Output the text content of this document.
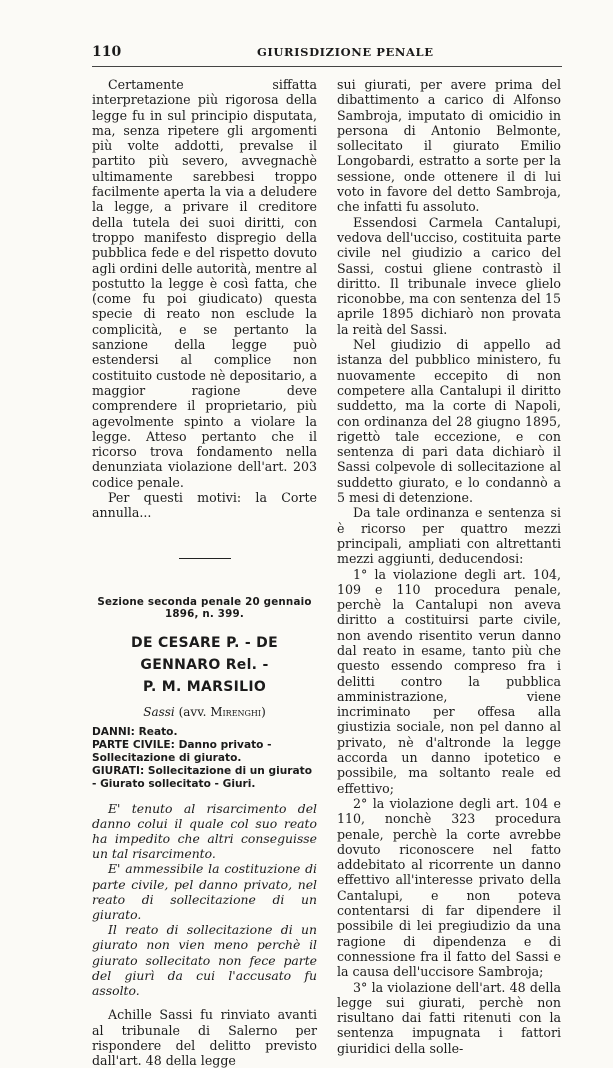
110	GIURISDIZIONE PENALE

Certamente siffatta interpretazione più rigorosa della legge fu in sul principio disputata, ma, senza ripetere gli argomenti più volte addotti, prevalse il partito più severo, avvegnachè ultimamente sarebbesi troppo facilmente aperta la via a deludere la legge, a privare il creditore della tutela dei suoi diritti, con troppo manifesto dispregio della pubblica fede e del rispetto dovuto agli ordini delle autorità, mentre al postutto la legge è così fatta, che (come fu poi giudicato) questa specie di reato non esclude la complicità, e se pertanto la sanzione della legge può estendersi al complice non costituito custode nè depositario, a maggior ragione deve comprendere il proprietario, più agevolmente spinto a violare la legge. Atteso pertanto che il ricorso trova fondamento nella denunziata violazione dell'art. 203 codice penale.

Per questi motivi: la Corte annulla...

Sezione seconda penale 20 gennaio 1896, n. 399.

DE CESARE P. - DE GENNARO Rel. -

P. M. MARSILIO

Sassi (avv. Mirenghi)

DANNI: Reato.

PARTE CIVILE: Danno privato - Sollecitazione di giurato.

GIURATI: Sollecitazione di un giurato - Giurato sollecitato - Giuri.

E' tenuto al risarcimento del danno colui il quale col suo reato ha impedito che altri conseguisse un tal risarcimento.

E' ammessibile la costituzione di parte civile, pel danno privato, nel reato di sollecitazione di un giurato.

Il reato di sollecitazione di un giurato non vien meno perchè il giurato sollecitato non fece parte del giurì da cui l'accusato fu assolto.

Achille Sassi fu rinviato avanti al tribunale di Salerno per rispondere del delitto previsto dall'art. 48 della legge

sui giurati, per avere prima del dibattimento a carico di Alfonso Sambroja, imputato di omicidio in persona di Antonio Belmonte, sollecitato il giurato Emilio Longobardi, estratto a sorte per la sessione, onde ottenere il di lui voto in favore del detto Sambroja, che infatti fu assoluto.

Essendosi Carmela Cantalupi, vedova dell'ucciso, costituita parte civile nel giudizio a carico del Sassi, costui gliene contrastò il diritto. Il tribunale invece glielo riconobbe, ma con sentenza del 15 aprile 1895 dichiarò non provata la reità del Sassi.

Nel giudizio di appello ad istanza del pubblico ministero, fu nuovamente eccepito di non competere alla Cantalupi il diritto suddetto, ma la corte di Napoli, con ordinanza del 28 giugno 1895, rigettò tale eccezione, e con sentenza di pari data dichiarò il Sassi colpevole di sollecitazione al suddetto giurato, e lo condannò a 5 mesi di detenzione.

Da tale ordinanza e sentenza si è ricorso per quattro mezzi principali, ampliati con altrettanti mezzi aggiunti, deducendosi:

1° la violazione degli art. 104, 109 e 110 procedura penale, perchè la Cantalupi non aveva diritto a costituirsi parte civile, non avendo risentito verun danno dal reato in esame, tanto più che questo essendo compreso fra i delitti contro la pubblica amministrazione, viene incriminato per offesa alla giustizia sociale, non pel danno al privato, nè d'altronde la legge accorda un danno ipotetico e possibile, ma soltanto reale ed effettivo;

2° la violazione degli art. 104 e 110, nonchè 323 procedura penale, perchè la corte avrebbe dovuto riconoscere nel fatto addebitato al ricorrente un danno effettivo all'interesse privato della Cantalupi, e non poteva contentarsi di far dipendere il possibile di lei pregiudizio da una ragione di dipendenza e di connessione fra il fatto del Sassi e la causa dell'uccisore Sambroja;

3° la violazione dell'art. 48 della legge sui giurati, perchè non risultano dai fatti ritenuti con la sentenza impugnata i fattori giuridici della solle-
